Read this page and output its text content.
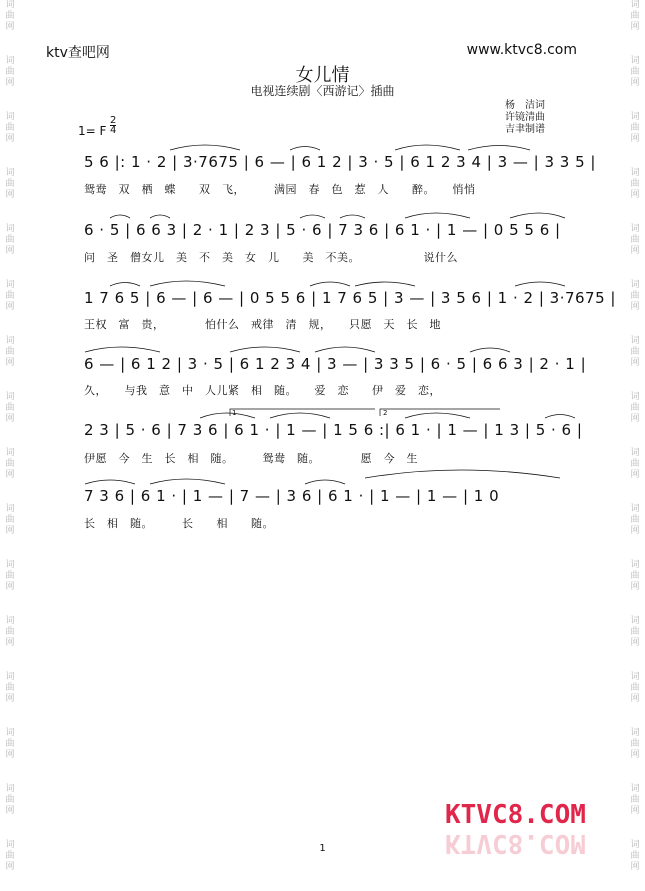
词
曲
网
词
曲
网
词
曲
网
词
曲
网
词
曲
网
词
曲
网
词
曲
网
词
曲
网
词
曲
网
词
曲
网
词
曲
网
词
曲
网
词
曲
网
词
曲
网
词
曲
网
词
曲
网
词
曲
网
词
曲
网
词
曲
网
词
曲
网
词
曲
网
词
曲
网
词
曲
网
词
曲
网
词
曲
网
词
曲
网
词
曲
网
词
曲
网
词
曲
网
词
曲
网
词
曲
网
词
曲
网
ktv查吧网	www.ktvc8.com
女儿情
电视连续剧〈西游记〉插曲
杨　洁词
许镜清曲
吉聿制谱
1= F
2
4
5 6 |: 1 · 2 | 3·7675 | 6 — | 6 1 2 | 3 · 5 | 6 1 2 3 4 | 3 — | 3 3 5 |
鸳鸯　双　栖　蝶　　双　飞，　　　满园　春　色　惹　人　　醉。　　悄悄
6 · 5 | 6 6 3 | 2 · 1 | 2 3 | 5 · 6 | 7 3 6 | 6 1 · | 1 — | 0 5 5 6 |
问　圣　僧女儿　美　不　美　女　儿　　美　不美。　　　　　　说什么
1 7 6 5 | 6 — | 6 — | 0 5 5 6 | 1 7 6 5 | 3 — | 3 5 6 | 1 · 2 | 3·7675 |
王权　富　贵，　　　　怕什么　戒律　清　规，　　只愿　天　长　地
6 — | 6 1 2 | 3 · 5 | 6 1 2 3 4 | 3 — | 3 3 5 | 6 · 5 | 6 6 3 | 2 · 1 |
久，　　与我　意　中　人儿紧　相　随。　　爱　恋　　伊　爱　恋，
2 3 | 5 · 6 | 7 3 6 | 6 1 · | 1 — | 1 5 6 :| 6 1 · | 1 — | 1 3 | 5 · 6 |
伊愿　今　生　长　相　随。　　　鸳鸯　随。　　　　愿　今　生
7 3 6 | 6 1 · | 1 — | 7 — | 3 6 | 6 1 · | 1 — | 1 — | 1 0
长　相　随。　　　长　　相　　随。
1	2
KTVC8.COM
KTVC8.COM
1
